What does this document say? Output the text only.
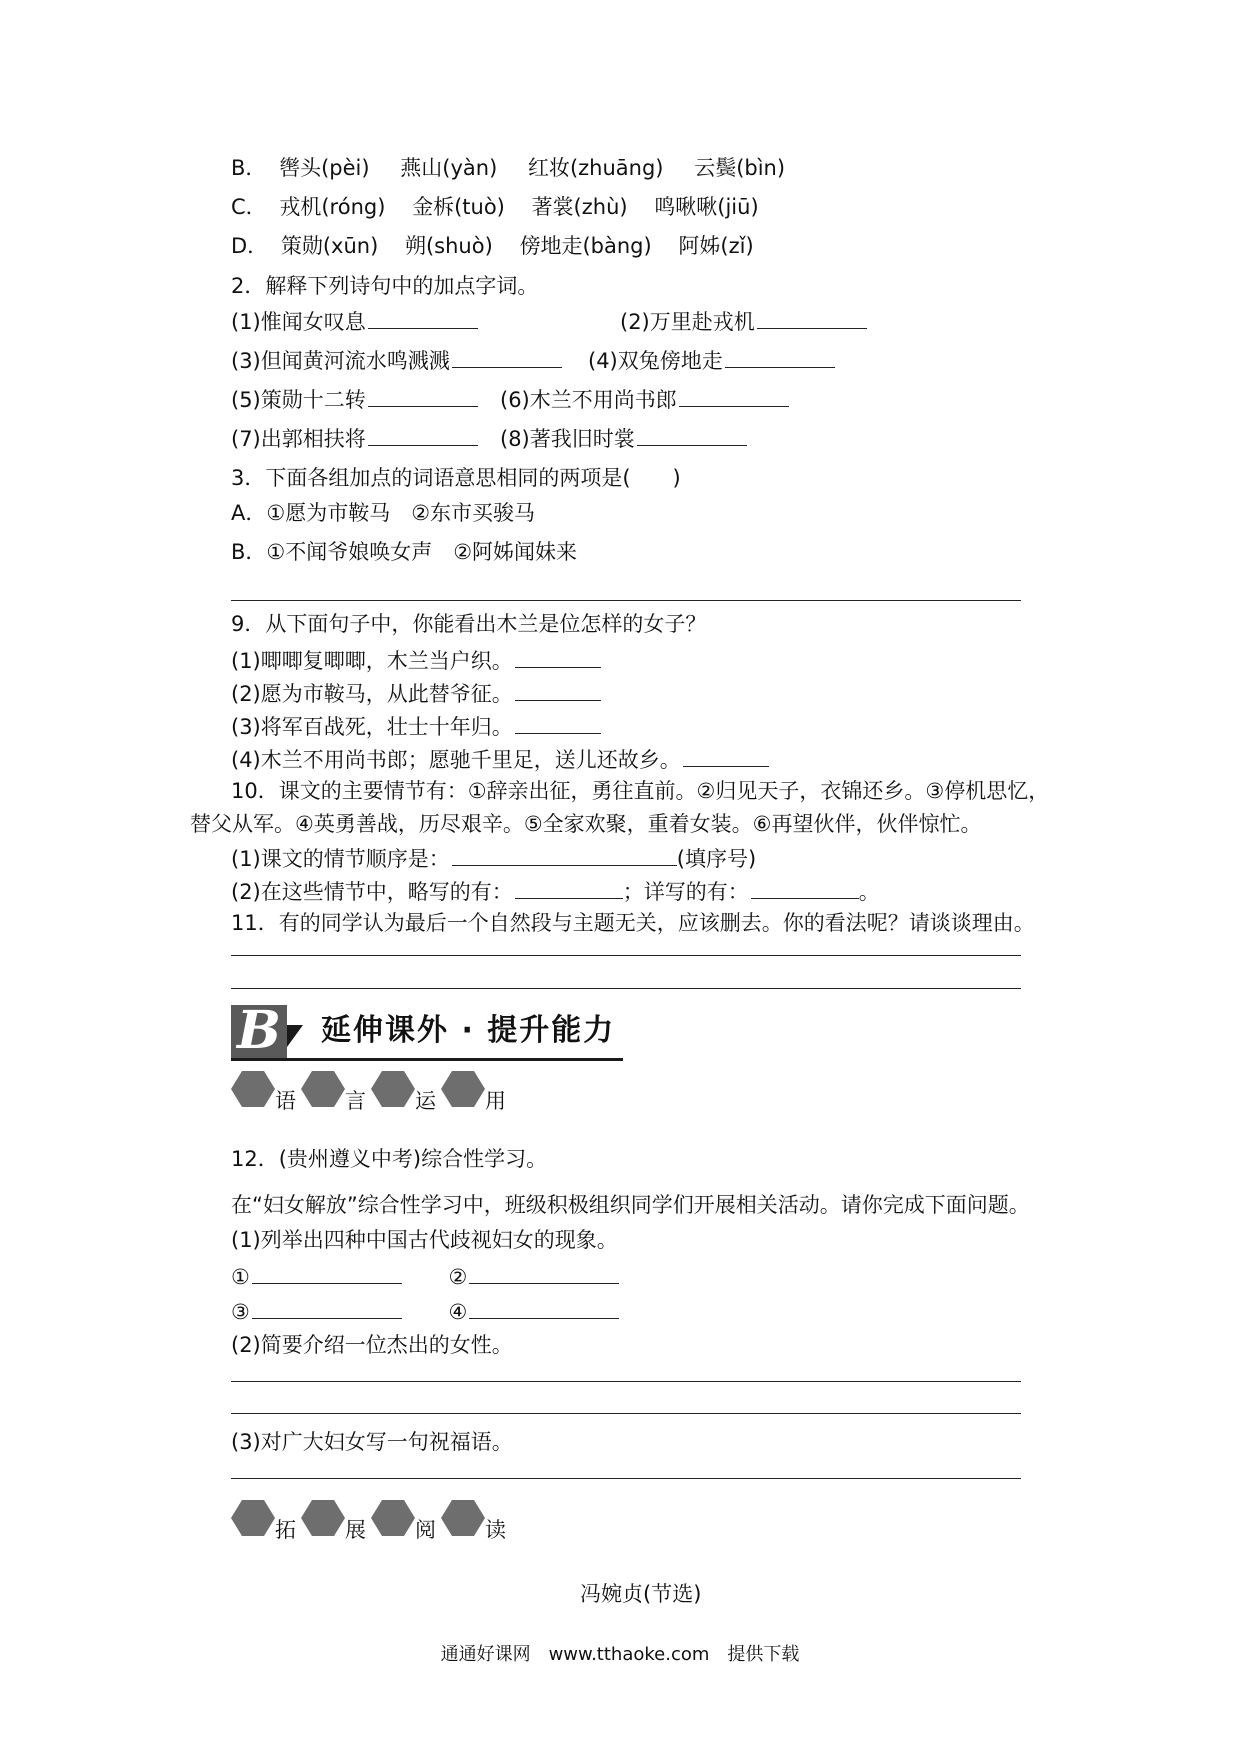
B． 辔头(pèi) 燕山(yàn) 红妆(zhuāng) 云鬓(bìn)
C． 戎机(róng) 金柝(tuò) 著裳(zhù) 鸣啾啾(jiū)
D． 策勋(xūn) 朔(shuò) 傍地走(bàng) 阿姊(zǐ)
2．解释下列诗句中的加点字词。
(1)惟闻女叹息	(2)万里赴戎机
(3)但闻黄河流水鸣溅溅	(4)双兔傍地走
(5)策勋十二转	(6)木兰不用尚书郎
(7)出郭相扶将	(8)著我旧时裳
3．下面各组加点的词语意思相同的两项是(　　)
A．①愿为市鞍马　②东市买骏马
B．①不闻爷娘唤女声　②阿姊闻妹来
9．从下面句子中，你能看出木兰是位怎样的女子？
(1)唧唧复唧唧，木兰当户织。
(2)愿为市鞍马，从此替爷征。
(3)将军百战死，壮士十年归。
(4)木兰不用尚书郎；愿驰千里足，送儿还故乡。
10．课文的主要情节有：①辞亲出征，勇往直前。②归见天子，衣锦还乡。③停机思忆，
替父从军。④英勇善战，历尽艰辛。⑤全家欢聚，重着女装。⑥再望伙伴，伙伴惊忙。
(1)课文的情节顺序是：	(填序号)
(2)在这些情节中，略写的有：	；详写的有：	。
11．有的同学认为最后一个自然段与主题无关，应该删去。你的看法呢？请谈谈理由。
B 延伸课外 · 提升能力
语 言 运 用
12．(贵州遵义中考)综合性学习。
在“妇女解放”综合性学习中，班级积极组织同学们开展相关活动。请你完成下面问题。
(1)列举出四种中国古代歧视妇女的现象。
①	②
③	④
(2)简要介绍一位杰出的女性。
(3)对广大妇女写一句祝福语。
拓 展 阅 读
冯婉贞(节选)
通通好课网　www.tthaoke.com　提供下载
